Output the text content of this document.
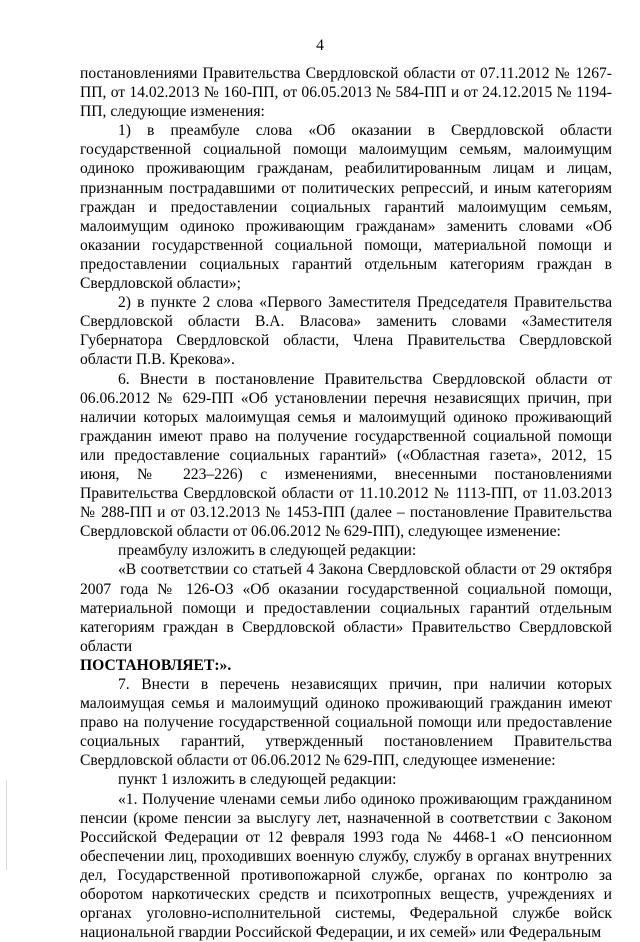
4

постановлениями Правительства Свердловской области от 07.11.2012 № 1267-ПП, от 14.02.2013 № 160-ПП, от 06.05.2013 № 584-ПП и от 24.12.2015 № 1194-ПП, следующие изменения:

1) в преамбуле слова «Об оказании в Свердловской области государственной социальной помощи малоимущим семьям, малоимущим одиноко проживающим гражданам, реабилитированным лицам и лицам, признанным пострадавшими от политических репрессий, и иным категориям граждан и предоставлении социальных гарантий малоимущим семьям, малоимущим одиноко проживающим гражданам» заменить словами «Об оказании государственной социальной помощи, материальной помощи и предоставлении социальных гарантий отдельным категориям граждан в Свердловской области»;

2) в пункте 2 слова «Первого Заместителя Председателя Правительства Свердловской области В.А. Власова» заменить словами «Заместителя Губернатора Свердловской области, Члена Правительства Свердловской области П.В. Крекова».

6. Внести в постановление Правительства Свердловской области от 06.06.2012 № 629-ПП «Об установлении перечня независящих причин, при наличии которых малоимущая семья и малоимущий одиноко проживающий гражданин имеют право на получение государственной социальной помощи или предоставление социальных гарантий» («Областная газета», 2012, 15 июня, № 223–226) с изменениями, внесенными постановлениями Правительства Свердловской области от 11.10.2012 № 1113-ПП, от 11.03.2013 № 288-ПП и от 03.12.2013 № 1453-ПП (далее – постановление Правительства Свердловской области от 06.06.2012 № 629-ПП), следующее изменение:

преамбулу изложить в следующей редакции:

«В соответствии со статьей 4 Закона Свердловской области от 29 октября 2007 года № 126-ОЗ «Об оказании государственной социальной помощи, материальной помощи и предоставлении социальных гарантий отдельным категориям граждан в Свердловской области» Правительство Свердловской области

ПОСТАНОВЛЯЕТ:».

7. Внести в перечень независящих причин, при наличии которых малоимущая семья и малоимущий одиноко проживающий гражданин имеют право на получение государственной социальной помощи или предоставление социальных гарантий, утвержденный постановлением Правительства Свердловской области от 06.06.2012 № 629-ПП, следующее изменение:

пункт 1 изложить в следующей редакции:

«1. Получение членами семьи либо одиноко проживающим гражданином пенсии (кроме пенсии за выслугу лет, назначенной в соответствии с Законом Российской Федерации от 12 февраля 1993 года № 4468-1 «О пенсионном обеспечении лиц, проходивших военную службу, службу в органах внутренних дел, Государственной противопожарной службе, органах по контролю за оборотом наркотических средств и психотропных веществ, учреждениях и органах уголовно-исполнительной системы, Федеральной службе войск национальной гвардии Российской Федерации, и их семей» или Федеральным
